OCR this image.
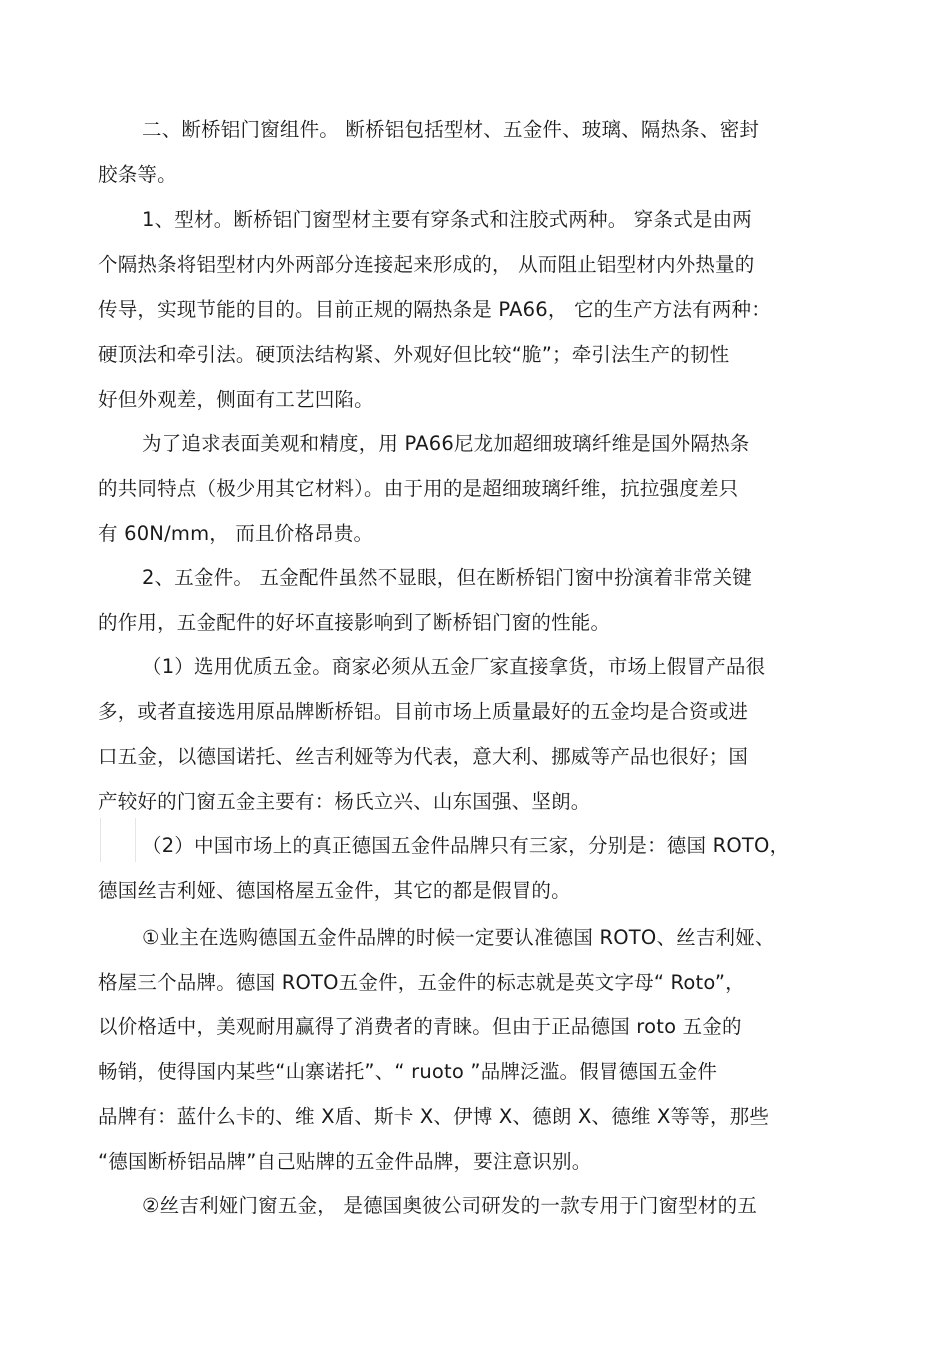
二、断桥铝门窗组件。 断桥铝包括型材、五金件、玻璃、隔热条、密封
胶条等。
1、型材。断桥铝门窗型材主要有穿条式和注胶式两种。 穿条式是由两
个隔热条将铝型材内外两部分连接起来形成的， 从而阻止铝型材内外热量的
传导，实现节能的目的。目前正规的隔热条是 PA66， 它的生产方法有两种：
硬顶法和牵引法。硬顶法结构紧、外观好但比较“脆”；牵引法生产的韧性
好但外观差，侧面有工艺凹陷。
为了追求表面美观和精度，用 PA66尼龙加超细玻璃纤维是国外隔热条
的共同特点（极少用其它材料）。由于用的是超细玻璃纤维，抗拉强度差只
有 60N/mm， 而且价格昂贵。
2、五金件。 五金配件虽然不显眼，但在断桥铝门窗中扮演着非常关键
的作用，五金配件的好坏直接影响到了断桥铝门窗的性能。
（1）选用优质五金。商家必须从五金厂家直接拿货，市场上假冒产品很
多，或者直接选用原品牌断桥铝。目前市场上质量最好的五金均是合资或进
口五金，以德国诺托、丝吉利娅等为代表，意大利、挪威等产品也很好；国
产较好的门窗五金主要有：杨氏立兴、山东国强、坚朗。
（2）中国市场上的真正德国五金件品牌只有三家，分别是：德国 ROTO，
德国丝吉利娅、德国格屋五金件，其它的都是假冒的。
①业主在选购德国五金件品牌的时候一定要认准德国 ROTO、丝吉利娅、
格屋三个品牌。德国 ROTO五金件，五金件的标志就是英文字母“ Roto”，
以价格适中，美观耐用赢得了消费者的青睐。但由于正品德国 roto 五金的
畅销，使得国内某些“山寨诺托”、“ ruoto ”品牌泛滥。假冒德国五金件
品牌有：蓝什么卡的、维 X盾、斯卡 X、伊博 X、德朗 X、德维 X等等，那些
“德国断桥铝品牌”自己贴牌的五金件品牌，要注意识别。
②丝吉利娅门窗五金， 是德国奥彼公司研发的一款专用于门窗型材的五
